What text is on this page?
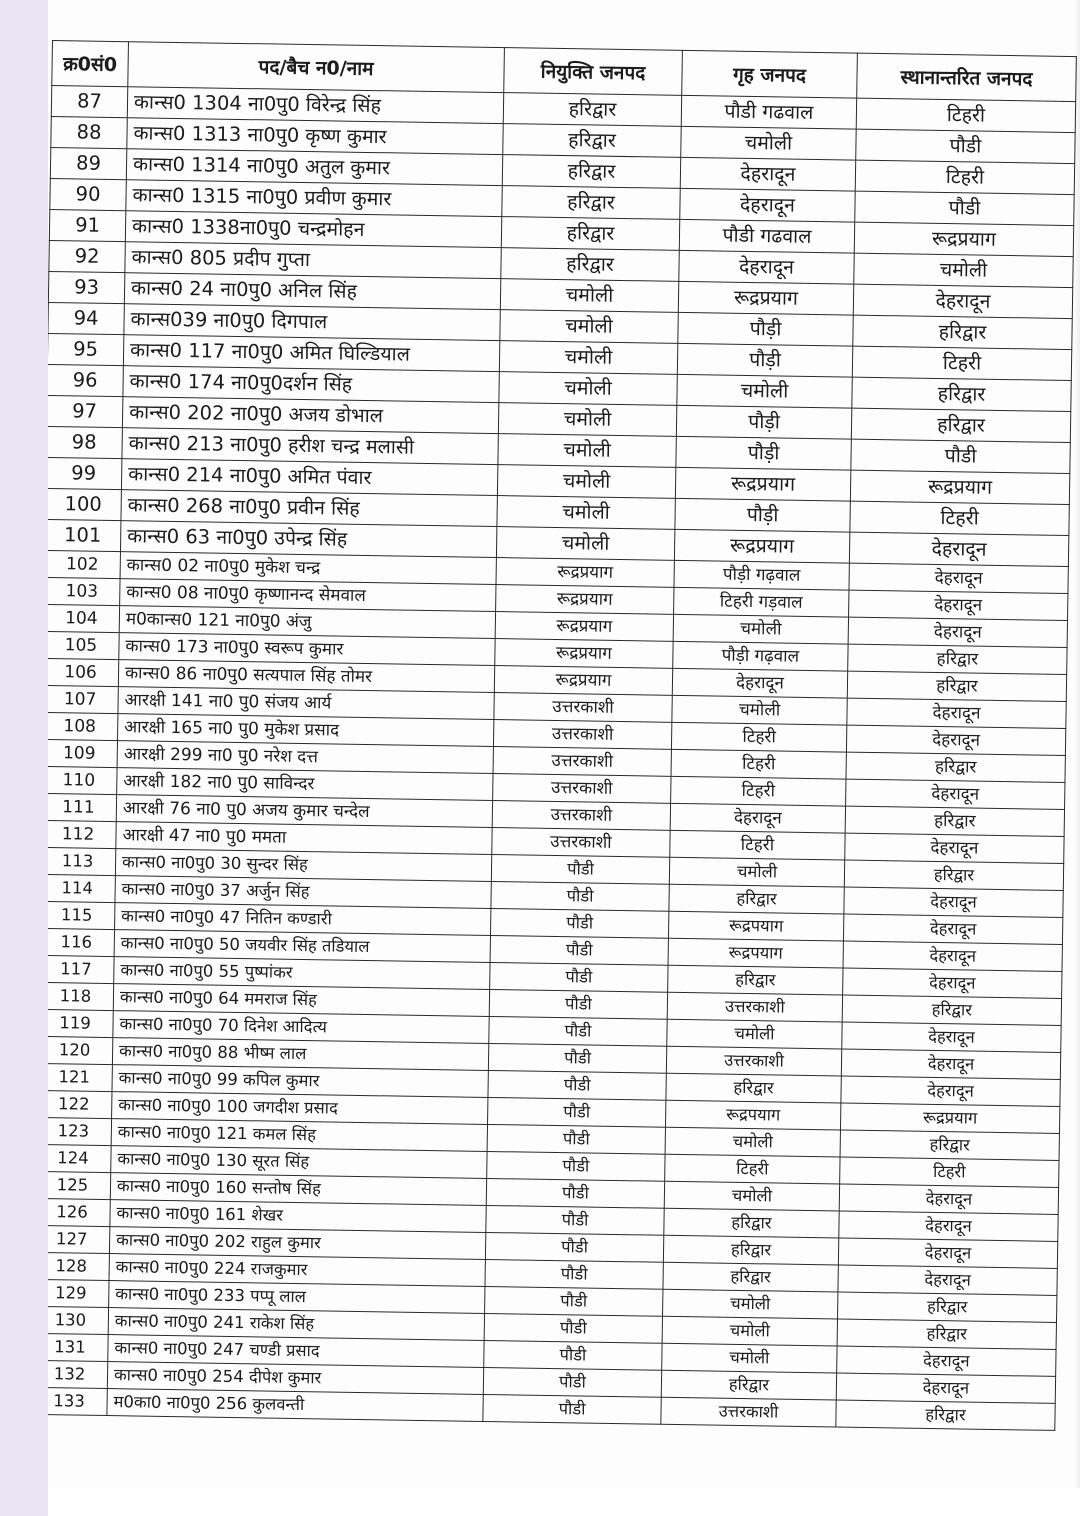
क्र0सं0	पद/बैच न0/नाम	नियुक्ति जनपद	गृह जनपद	स्थानान्तरित जनपद
87	कान्स0 1304 ना0पु0 विरेन्द्र सिंह	हरिद्वार	पौडी गढवाल	टिहरी
88	कान्स0 1313 ना0पु0 कृष्ण कुमार	हरिद्वार	चमोली	पौडी
89	कान्स0 1314 ना0पु0 अतुल कुमार	हरिद्वार	देहरादून	टिहरी
90	कान्स0 1315 ना0पु0 प्रवीण कुमार	हरिद्वार	देहरादून	पौडी
91	कान्स0 1338ना0पु0 चन्द्रमोहन	हरिद्वार	पौडी गढवाल	रूद्रप्रयाग
92	कान्स0 805 प्रदीप गुप्ता	हरिद्वार	देहरादून	चमोली
93	कान्स0 24 ना0पु0 अनिल सिंह	चमोली	रूद्रप्रयाग	देहरादून
94	कान्स039 ना0पु0 दिगपाल	चमोली	पौड़ी	हरिद्वार
95	कान्स0 117 ना0पु0 अमित घिल्डियाल	चमोली	पौड़ी	टिहरी
96	कान्स0 174 ना0पु0दर्शन सिंह	चमोली	चमोली	हरिद्वार
97	कान्स0 202 ना0पु0 अजय डोभाल	चमोली	पौड़ी	हरिद्वार
98	कान्स0 213 ना0पु0 हरीश चन्द्र मलासी	चमोली	पौड़ी	पौडी
99	कान्स0 214 ना0पु0 अमित पंवार	चमोली	रूद्रप्रयाग	रूद्रप्रयाग
100	कान्स0 268 ना0पु0 प्रवीन सिंह	चमोली	पौड़ी	टिहरी
101	कान्स0 63 ना0पु0 उपेन्द्र सिंह	चमोली	रूद्रप्रयाग	देहरादून
102	कान्स0 02 ना0पु0 मुकेश चन्द्र	रूद्रप्रयाग	पौड़ी गढ़वाल	देहरादून
103	कान्स0 08 ना0पु0 कृष्णानन्द सेमवाल	रूद्रप्रयाग	टिहरी गड़वाल	देहरादून
104	म0कान्स0 121 ना0पु0 अंजु	रूद्रप्रयाग	चमोली	देहरादून
105	कान्स0 173 ना0पु0 स्वरूप कुमार	रूद्रप्रयाग	पौड़ी गढ़वाल	हरिद्वार
106	कान्स0 86 ना0पु0 सत्यपाल सिंह तोमर	रूद्रप्रयाग	देहरादून	हरिद्वार
107	आरक्षी 141 ना0 पु0 संजय आर्य	उत्तरकाशी	चमोली	देहरादून
108	आरक्षी 165 ना0 पु0 मुकेश प्रसाद	उत्तरकाशी	टिहरी	देहरादून
109	आरक्षी 299 ना0 पु0 नरेश दत्त	उत्तरकाशी	टिहरी	हरिद्वार
110	आरक्षी 182 ना0 पु0 साविन्दर	उत्तरकाशी	टिहरी	देहरादून
111	आरक्षी 76 ना0 पु0 अजय कुमार चन्देल	उत्तरकाशी	देहरादून	हरिद्वार
112	आरक्षी 47 ना0 पु0 ममता	उत्तरकाशी	टिहरी	देहरादून
113	कान्स0 ना0पु0 30 सुन्दर सिंह	पौडी	चमोली	हरिद्वार
114	कान्स0 ना0पु0 37 अर्जुन सिंह	पौडी	हरिद्वार	देहरादून
115	कान्स0 ना0पु0 47 नितिन कण्डारी	पौडी	रूद्रपयाग	देहरादून
116	कान्स0 ना0पु0 50 जयवीर सिंह तडियाल	पौडी	रूद्रपयाग	देहरादून
117	कान्स0 ना0पु0 55 पुष्पांकर	पौडी	हरिद्वार	देहरादून
118	कान्स0 ना0पु0 64 ममराज सिंह	पौडी	उत्तरकाशी	हरिद्वार
119	कान्स0 ना0पु0 70 दिनेश आदित्य	पौडी	चमोली	देहरादून
120	कान्स0 ना0पु0 88 भीष्म लाल	पौडी	उत्तरकाशी	देहरादून
121	कान्स0 ना0पु0 99 कपिल कुमार	पौडी	हरिद्वार	देहरादून
122	कान्स0 ना0पु0 100 जगदीश प्रसाद	पौडी	रूद्रपयाग	रूद्रप्रयाग
123	कान्स0 ना0पु0 121 कमल सिंह	पौडी	चमोली	हरिद्वार
124	कान्स0 ना0पु0 130 सूरत सिंह	पौडी	टिहरी	टिहरी
125	कान्स0 ना0पु0 160 सन्तोष सिंह	पौडी	चमोली	देहरादून
126	कान्स0 ना0पु0 161 शेखर	पौडी	हरिद्वार	देहरादून
127	कान्स0 ना0पु0 202 राहुल कुमार	पौडी	हरिद्वार	देहरादून
128	कान्स0 ना0पु0 224 राजकुमार	पौडी	हरिद्वार	देहरादून
129	कान्स0 ना0पु0 233 पप्पू लाल	पौडी	चमोली	हरिद्वार
130	कान्स0 ना0पु0 241 राकेश सिंह	पौडी	चमोली	हरिद्वार
131	कान्स0 ना0पु0 247 चण्डी प्रसाद	पौडी	चमोली	देहरादून
132	कान्स0 ना0पु0 254 दीपेश कुमार	पौडी	हरिद्वार	देहरादून
133	म0का0 ना0पु0 256 कुलवन्ती	पौडी	उत्तरकाशी	हरिद्वार
